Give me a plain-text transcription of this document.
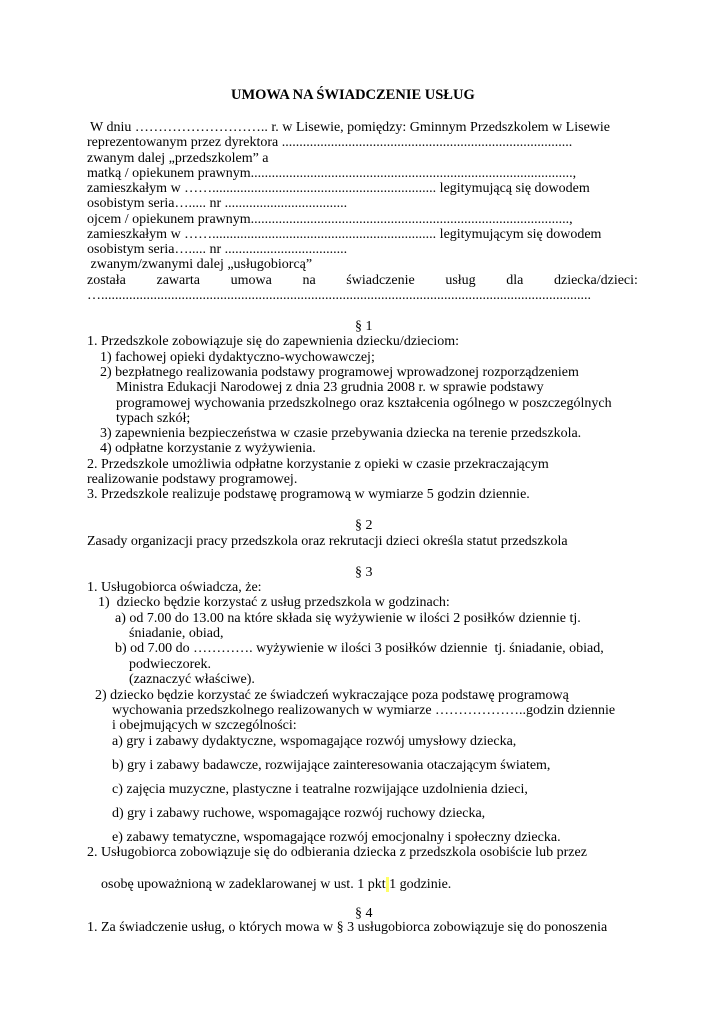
UMOWA NA ŚWIADCZENIE USŁUG
W dniu ……………………….. r. w Lisewie, pomiędzy: Gminnym Przedszkolem w Lisewie
reprezentowanym przez dyrektora ...................................................................................
zwanym dalej „przedszkolem” a
matką / opiekunem prawnym............................................................................................,
zamieszkałym w ……................................................................ legitymującą się dowodem
osobistym seria…..... nr ...................................
ojcem / opiekunem prawnym...........................................................................................,
zamieszkałym w ……................................................................ legitymującym się dowodem
osobistym seria…..... nr ...................................
zwanym/zwanymi dalej „usługobiorcą”
została zawarta umowa na świadczenie usług dla dziecka/dzieci:
…............................................................................................................................................
§ 1
1. Przedszkole zobowiązuje się do zapewnienia dziecku/dzieciom:
1) fachowej opieki dydaktyczno-wychowawczej;
2) bezpłatnego realizowania podstawy programowej wprowadzonej rozporządzeniem
Ministra Edukacji Narodowej z dnia 23 grudnia 2008 r. w sprawie podstawy
programowej wychowania przedszkolnego oraz kształcenia ogólnego w poszczególnych
typach szkół;
3) zapewnienia bezpieczeństwa w czasie przebywania dziecka na terenie przedszkola.
4) odpłatne korzystanie z wyżywienia.
2. Przedszkole umożliwia odpłatne korzystanie z opieki w czasie przekraczającym
realizowanie podstawy programowej.
3. Przedszkole realizuje podstawę programową w wymiarze 5 godzin dziennie.
§ 2
Zasady organizacji pracy przedszkola oraz rekrutacji dzieci określa statut przedszkola
§ 3
1. Usługobiorca oświadcza, że:
1)  dziecko będzie korzystać z usług przedszkola w godzinach:
a) od 7.00 do 13.00 na które składa się wyżywienie w ilości 2 posiłków dziennie tj.
śniadanie, obiad,
b) od 7.00 do …………. wyżywienie w ilości 3 posiłków dziennie  tj. śniadanie, obiad,
podwieczorek.
(zaznaczyć właściwe).
2) dziecko będzie korzystać ze świadczeń wykraczające poza podstawę programową
wychowania przedszkolnego realizowanych w wymiarze ………………..godzin dziennie
i obejmujących w szczególności:
a) gry i zabawy dydaktyczne, wspomagające rozwój umysłowy dziecka,
b) gry i zabawy badawcze, rozwijające zainteresowania otaczającym światem,
c) zajęcia muzyczne, plastyczne i teatralne rozwijające uzdolnienia dzieci,
d) gry i zabawy ruchowe, wspomagające rozwój ruchowy dziecka,
e) zabawy tematyczne, wspomagające rozwój emocjonalny i społeczny dziecka.
2. Usługobiorca zobowiązuje się do odbierania dziecka z przedszkola osobiście lub przez

osobę upoważnioną w zadeklarowanej w ust. 1 pkt 1 godzinie.

§ 4
1. Za świadczenie usług, o których mowa w § 3 usługobiorca zobowiązuje się do ponoszenia
